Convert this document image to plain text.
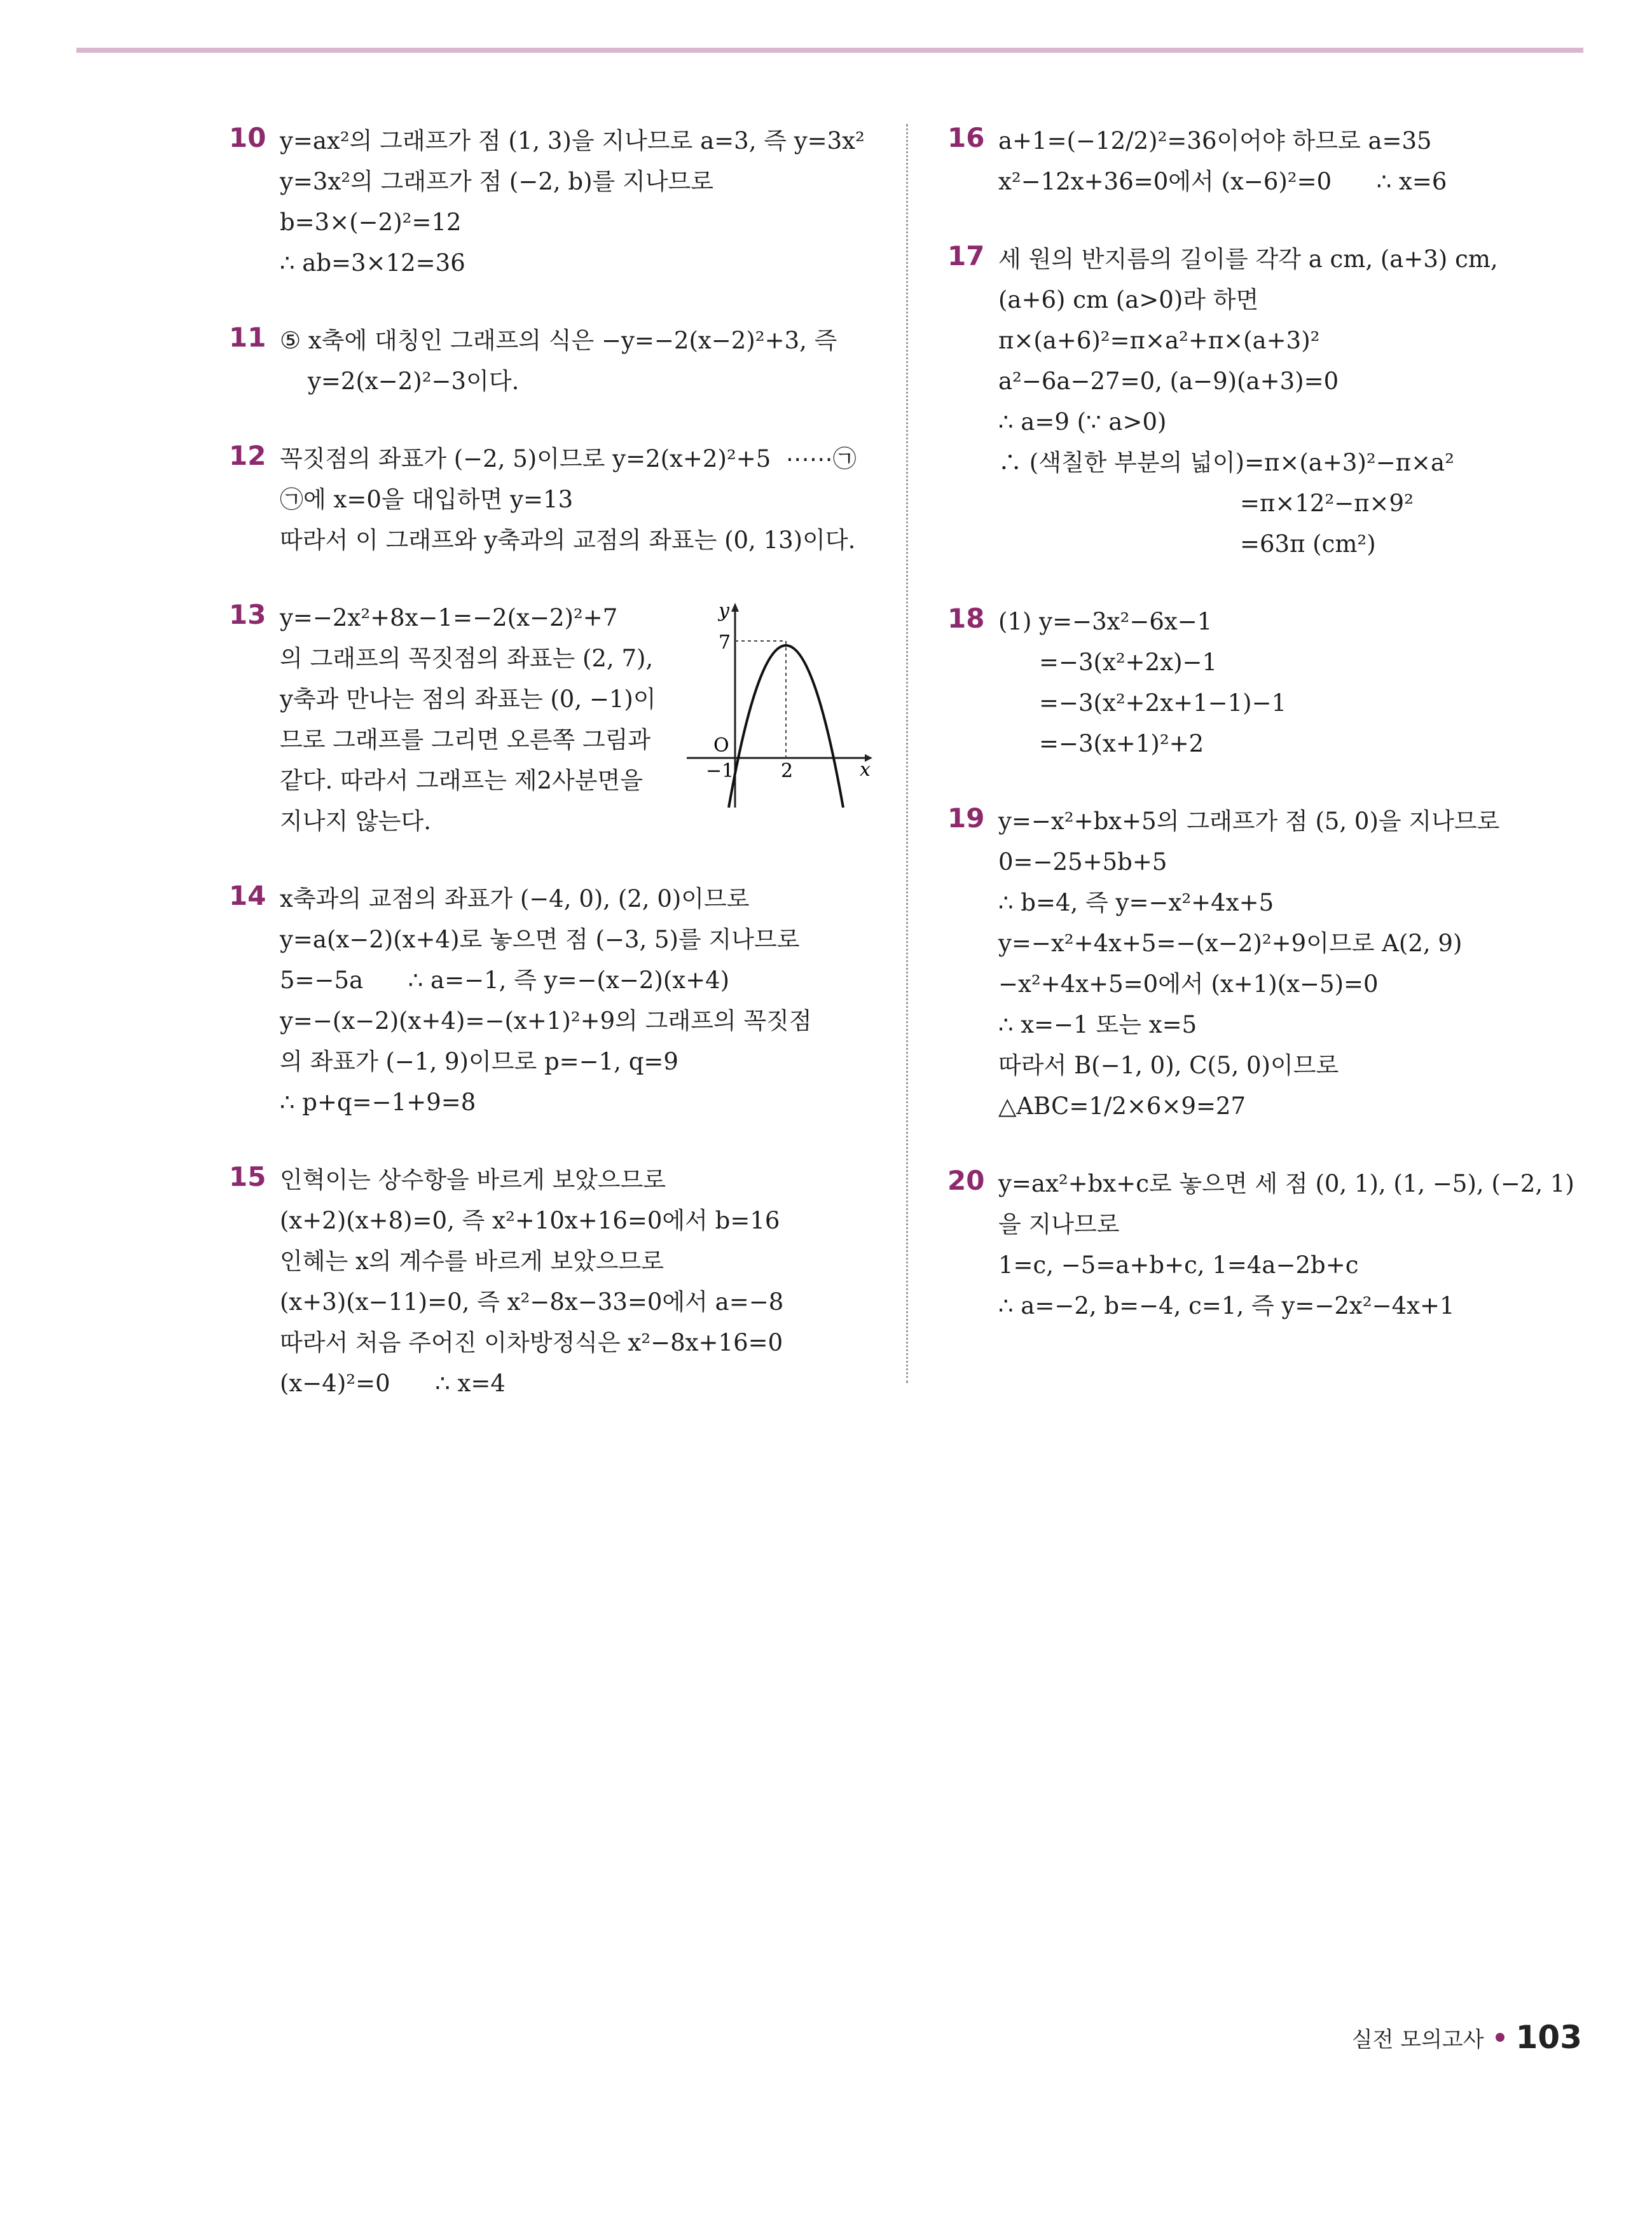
10 y=ax²의 그래프가 점 (1, 3)을 지나므로 a=3, 즉 y=3x²
y=3x²의 그래프가 점 (−2, b)를 지나므로
b=3×(−2)²=12
∴ ab=3×12=36
11 ⑤ x축에 대칭인 그래프의 식은 −y=−2(x−2)²+3, 즉
y=2(x−2)²−3이다.
12 꼭짓점의 좌표가 (−2, 5)이므로 y=2(x+2)²+5  ⋯⋯㉠
㉠에 x=0을 대입하면 y=13
따라서 이 그래프와 y축과의 교점의 좌표는 (0, 13)이다.
13 y=−2x²+8x−1=−2(x−2)²+7
의 그래프의 꼭짓점의 좌표는 (2, 7),
y축과 만나는 점의 좌표는 (0, −1)이
므로 그래프를 그리면 오른쪽 그림과
같다. 따라서 그래프는 제2사분면을
지나지 않는다.
y
7
O
−1 2	x
14 x축과의 교점의 좌표가 (−4, 0), (2, 0)이므로
y=a(x−2)(x+4)로 놓으면 점 (−3, 5)를 지나므로
5=−5a      ∴ a=−1, 즉 y=−(x−2)(x+4)
y=−(x−2)(x+4)=−(x+1)²+9의 그래프의 꼭짓점
의 좌표가 (−1, 9)이므로 p=−1, q=9
∴ p+q=−1+9=8
15 인혁이는 상수항을 바르게 보았으므로
(x+2)(x+8)=0, 즉 x²+10x+16=0에서 b=16
인혜는 x의 계수를 바르게 보았으므로
(x+3)(x−11)=0, 즉 x²−8x−33=0에서 a=−8
따라서 처음 주어진 이차방정식은 x²−8x+16=0
(x−4)²=0      ∴ x=4
16 a+1=(−12/2)²=36이어야 하므로 a=35
x²−12x+36=0에서 (x−6)²=0      ∴ x=6
17 세 원의 반지름의 길이를 각각 a cm, (a+3) cm,
(a+6) cm (a>0)라 하면
π×(a+6)²=π×a²+π×(a+3)²
a²−6a−27=0, (a−9)(a+3)=0
∴ a=9 (∵ a>0)
∴ (색칠한 부분의 넓이)=π×(a+3)²−π×a²
=π×12²−π×9²
=63π (cm²)
18 (1) y=−3x²−6x−1
=−3(x²+2x)−1
=−3(x²+2x+1−1)−1
=−3(x+1)²+2
19 y=−x²+bx+5의 그래프가 점 (5, 0)을 지나므로
0=−25+5b+5
∴ b=4, 즉 y=−x²+4x+5
y=−x²+4x+5=−(x−2)²+9이므로 A(2, 9)
−x²+4x+5=0에서 (x+1)(x−5)=0
∴ x=−1 또는 x=5
따라서 B(−1, 0), C(5, 0)이므로
△ABC=1/2×6×9=27
20 y=ax²+bx+c로 놓으면 세 점 (0, 1), (1, −5), (−2, 1)
을 지나므로
1=c, −5=a+b+c, 1=4a−2b+c
∴ a=−2, b=−4, c=1, 즉 y=−2x²−4x+1
실전 모의고사 103
